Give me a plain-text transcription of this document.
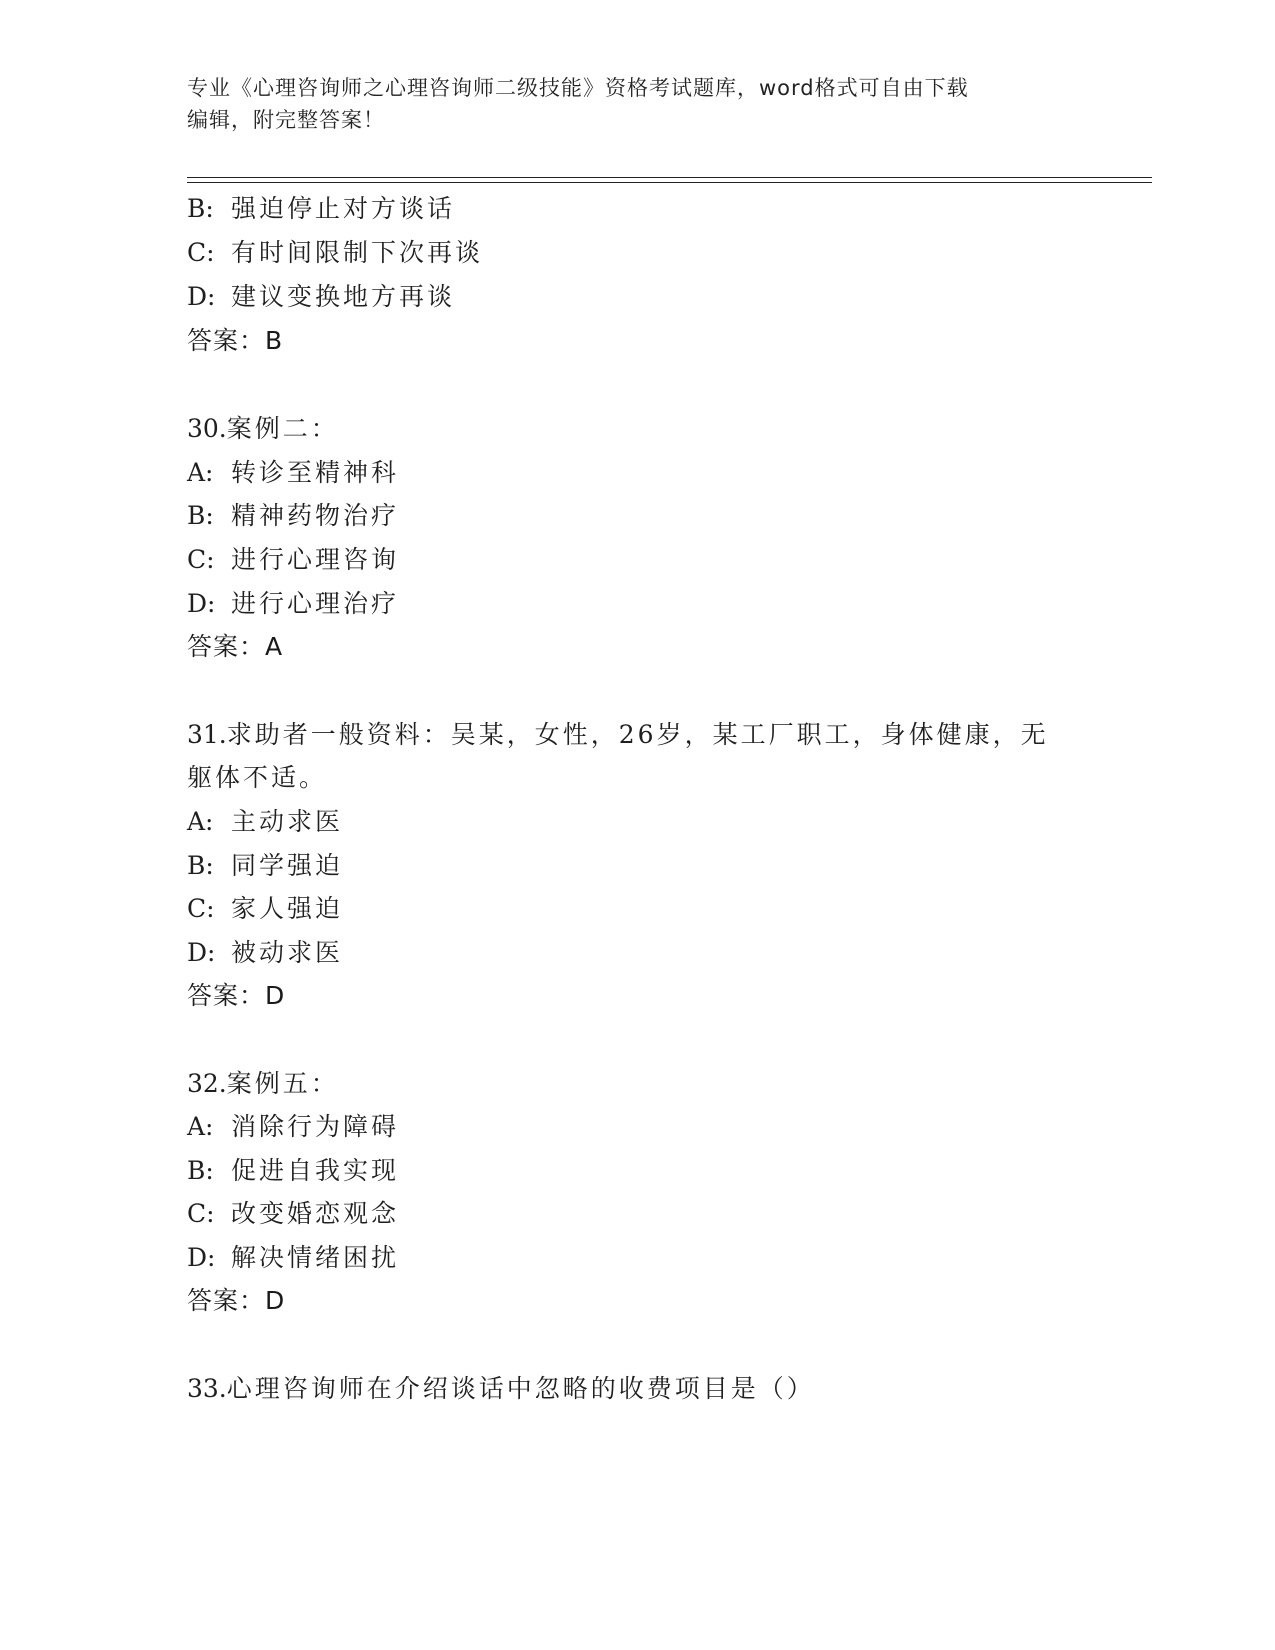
专业《心理咨询师之心理咨询师二级技能》资格考试题库，word格式可自由下载
编辑，附完整答案！
B: 强迫停止对方谈话
C: 有时间限制下次再谈
D: 建议变换地方再谈
答案：B
30.案例二：
A: 转诊至精神科
B: 精神药物治疗
C: 进行心理咨询
D: 进行心理治疗
答案：A
31.求助者一般资料：吴某，女性，26岁，某工厂职工，身体健康，无
躯体不适。
A: 主动求医
B: 同学强迫
C: 家人强迫
D: 被动求医
答案：D
32.案例五：
A: 消除行为障碍
B: 促进自我实现
C: 改变婚恋观念
D: 解决情绪困扰
答案：D
33.心理咨询师在介绍谈话中忽略的收费项目是（）
